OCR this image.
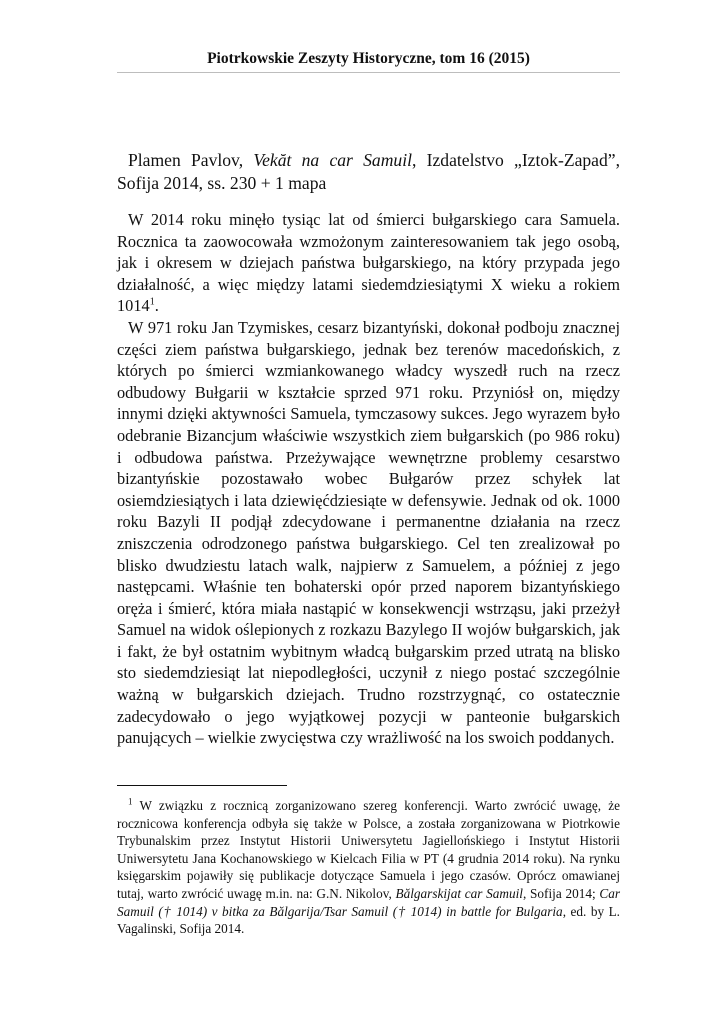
Piotrkowskie Zeszyty Historyczne, tom 16 (2015)
Plamen Pavlov, Vekăt na car Samuil, Izdatelstvo „Iztok-Zapad”, Sofija 2014, ss. 230 + 1 mapa

W 2014 roku minęło tysiąc lat od śmierci bułgarskiego cara Samuela. Rocznica ta zaowocowała wzmożonym zainteresowaniem tak jego osobą, jak i okresem w dziejach państwa bułgarskiego, na który przypada jego działalność, a więc między latami siedemdziesiątymi X wieku a rokiem 1014$^1$.

W 971 roku Jan Tzymiskes, cesarz bizantyński, dokonał podboju znacznej części ziem państwa bułgarskiego, jednak bez terenów macedońskich, z których po śmierci wzmiankowanego władcy wyszedł ruch na rzecz odbudowy Bułgarii w kształcie sprzed 971 roku. Przyniósł on, między innymi dzięki aktywności Samuela, tymczasowy sukces. Jego wyrazem było odebranie Bizancjum właściwie wszystkich ziem bułgarskich (po 986 roku) i odbudowa państwa. Przeżywające wewnętrzne problemy cesarstwo bizantyńskie pozostawało wobec Bułgarów przez schyłek lat osiemdziesiątych i lata dziewięćdziesiąte w defensywie. Jednak od ok. 1000 roku Bazyli II podjął zdecydowane i permanentne działania na rzecz zniszczenia odrodzonego państwa bułgarskiego. Cel ten zrealizował po blisko dwudziestu latach walk, najpierw z Samuelem, a później z jego następcami. Właśnie ten bohaterski opór przed naporem bizantyńskiego oręża i śmierć, która miała nastąpić w konsekwencji wstrząsu, jaki przeżył Samuel na widok oślepionych z rozkazu Bazylego II wojów bułgarskich, jak i fakt, że był ostatnim wybitnym władcą bułgarskim przed utratą na blisko sto siedemdziesiąt lat niepodległości, uczynił z niego postać szczególnie ważną w bułgarskich dziejach. Trudno rozstrzygnąć, co ostatecznie zadecydowało o jego wyjątkowej pozycji w panteonie bułgarskich panujących – wielkie zwycięstwa czy wrażliwość na los swoich poddanych.

$^1$ W związku z rocznicą zorganizowano szereg konferencji. Warto zwrócić uwagę, że rocznicowa konferencja odbyła się także w Polsce, a została zorganizowana w Piotrkowie Trybunalskim przez Instytut Historii Uniwersytetu Jagiellońskiego i Instytut Historii Uniwersytetu Jana Kochanowskiego w Kielcach Filia w PT (4 grudnia 2014 roku). Na rynku księgarskim pojawiły się publikacje dotyczące Samuela i jego czasów. Oprócz omawianej tutaj, warto zwrócić uwagę m.in. na: G.N. Nikolov, Bălgarskijat car Samuil, Sofija 2014; Car Samuil († 1014) v bitka za Bălgarija/Tsar Samuil († 1014) in battle for Bulgaria, ed. by L. Vagalinski, Sofija 2014.
